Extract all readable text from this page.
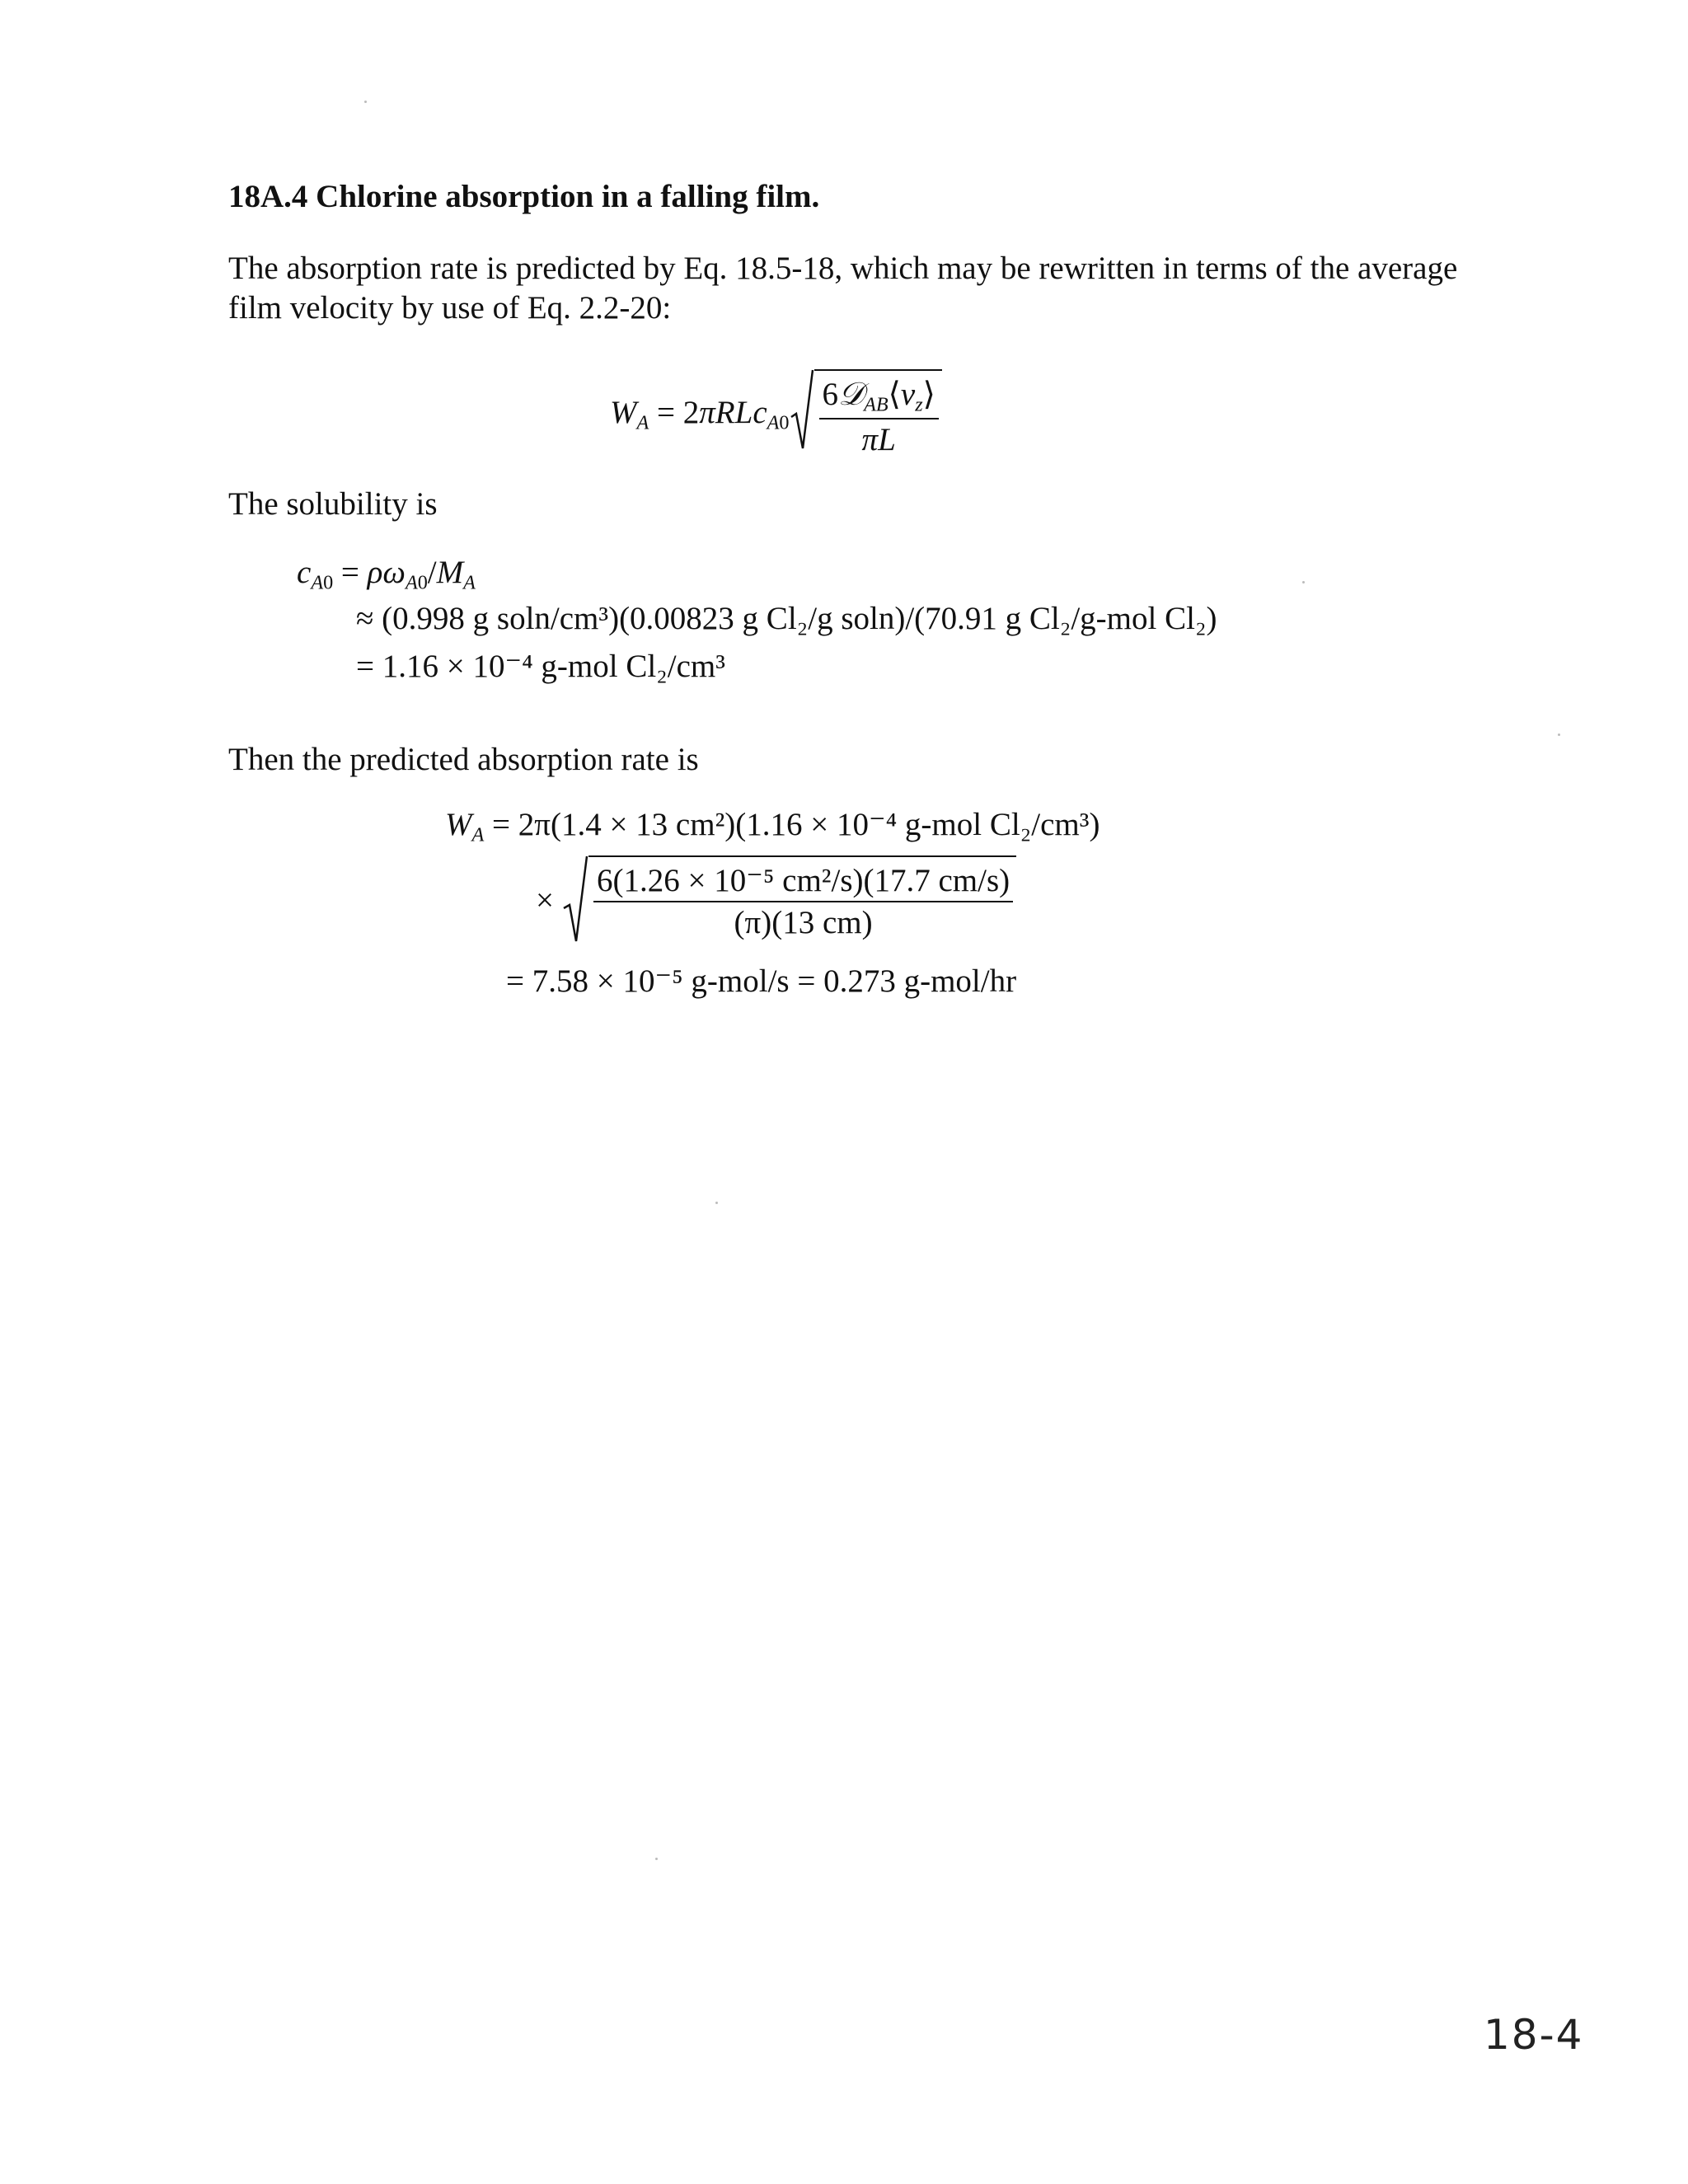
18A.4 Chlorine absorption in a falling film.

The absorption rate is predicted by Eq. 18.5-18, which may be rewritten in terms of the average film velocity by use of Eq. 2.2-20:

$W_A = 2\pi RLc_{A0} \frac{6𝒟_{AB}⟨v_z⟩}{\pi L}$

The solubility is

$c_{A0} = \rho\omega_{A0}/M_A$
≈ (0.998 g soln/cm³)(0.00823 g Cl₂/g soln)/(70.91 g Cl₂/g-mol Cl₂)
= 1.16 × 10⁻⁴ g-mol Cl₂/cm³

Then the predicted absorption rate is

$W_A = 2\pi(1.4 \times 13$ cm²)(1.16 × 10⁻⁴ g-mol Cl₂/cm³)
× $\frac{\text{6(1.26 × 10⁻⁵ cm²/s)(17.7 cm/s)}}{(\pi)(13 cm)}$
= 7.58 × 10⁻⁵ g-mol/s = 0.273 g-mol/hr
18-4
